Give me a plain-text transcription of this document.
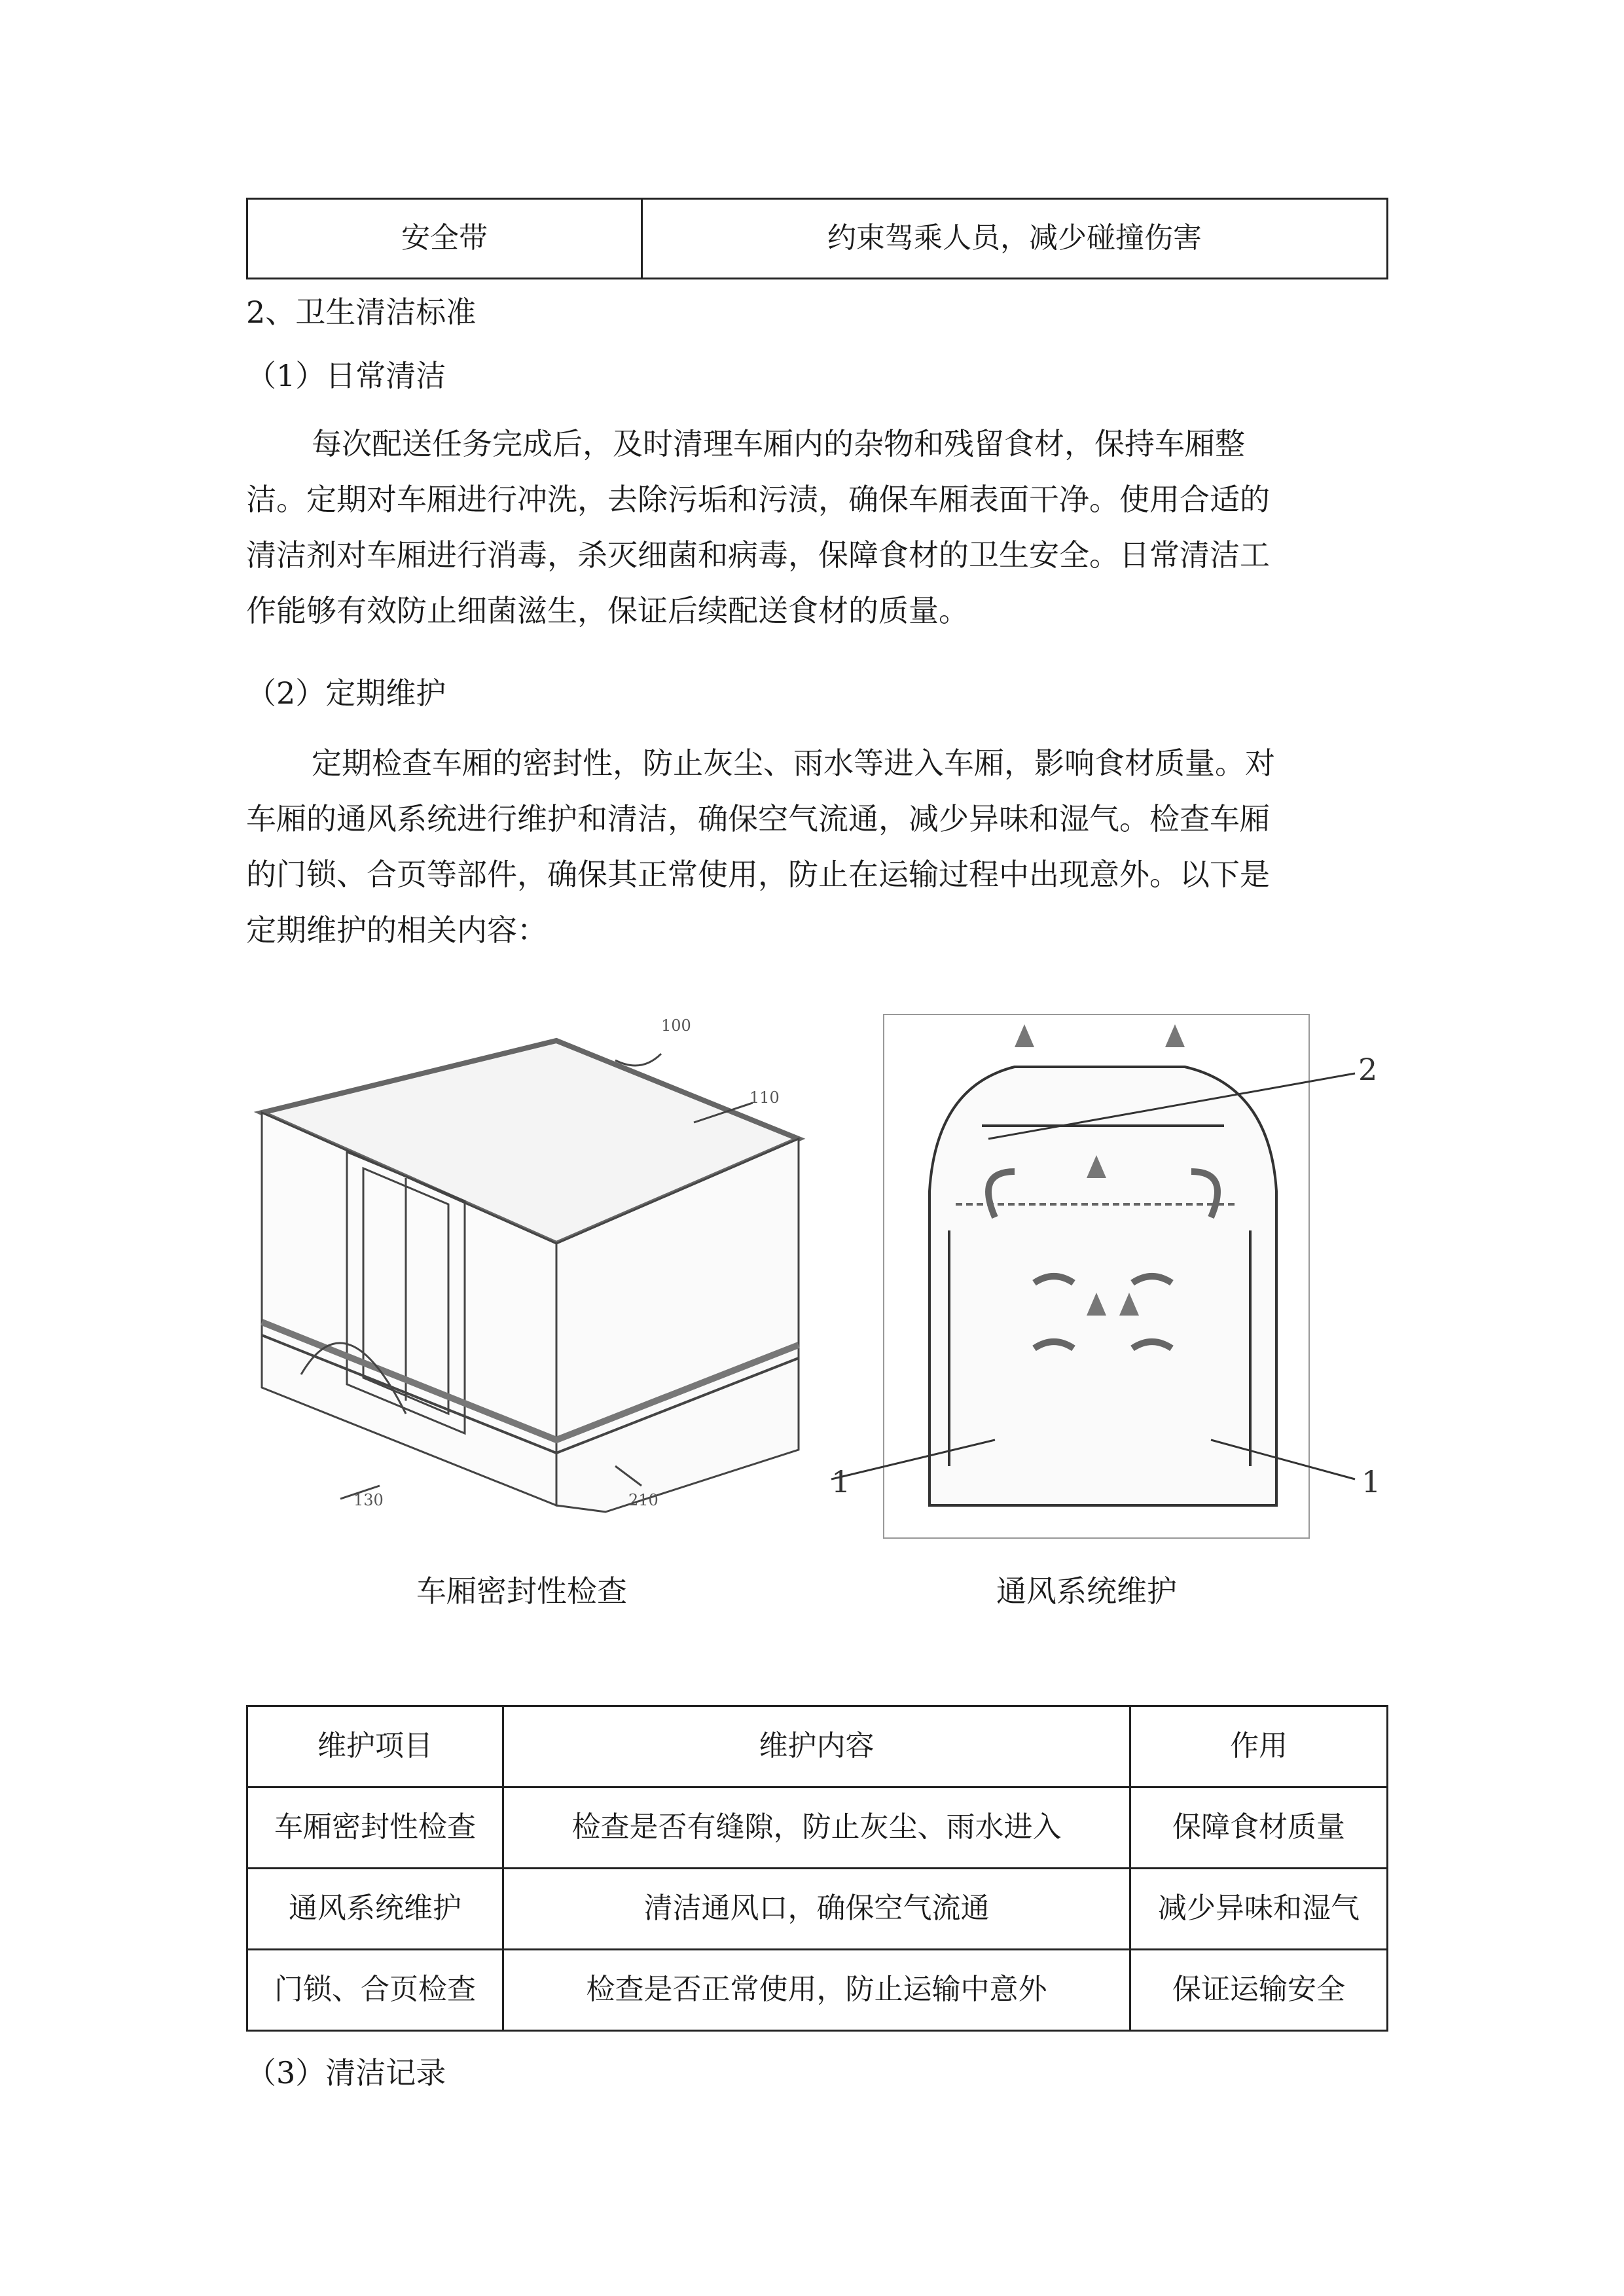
安全带	约束驾乘人员，减少碰撞伤害
2、卫生清洁标准
（1）日常清洁
每次配送任务完成后，及时清理车厢内的杂物和残留食材，保持车厢整
洁。定期对车厢进行冲洗，去除污垢和污渍，确保车厢表面干净。使用合适的
清洁剂对车厢进行消毒，杀灭细菌和病毒，保障食材的卫生安全。日常清洁工
作能够有效防止细菌滋生，保证后续配送食材的质量。
（2）定期维护
定期检查车厢的密封性，防止灰尘、雨水等进入车厢，影响食材质量。对
车厢的通风系统进行维护和清洁，确保空气流通，减少异味和湿气。检查车厢
的门锁、合页等部件，确保其正常使用，防止在运输过程中出现意外。以下是
定期维护的相关内容：
100
110
130	210
车厢密封性检查
2
1	1
通风系统维护
维护项目	维护内容	作用
车厢密封性检查	检查是否有缝隙，防止灰尘、雨水进入	保障食材质量
通风系统维护	清洁通风口，确保空气流通	减少异味和湿气
门锁、合页检查	检查是否正常使用，防止运输中意外	保证运输安全
（3）清洁记录
